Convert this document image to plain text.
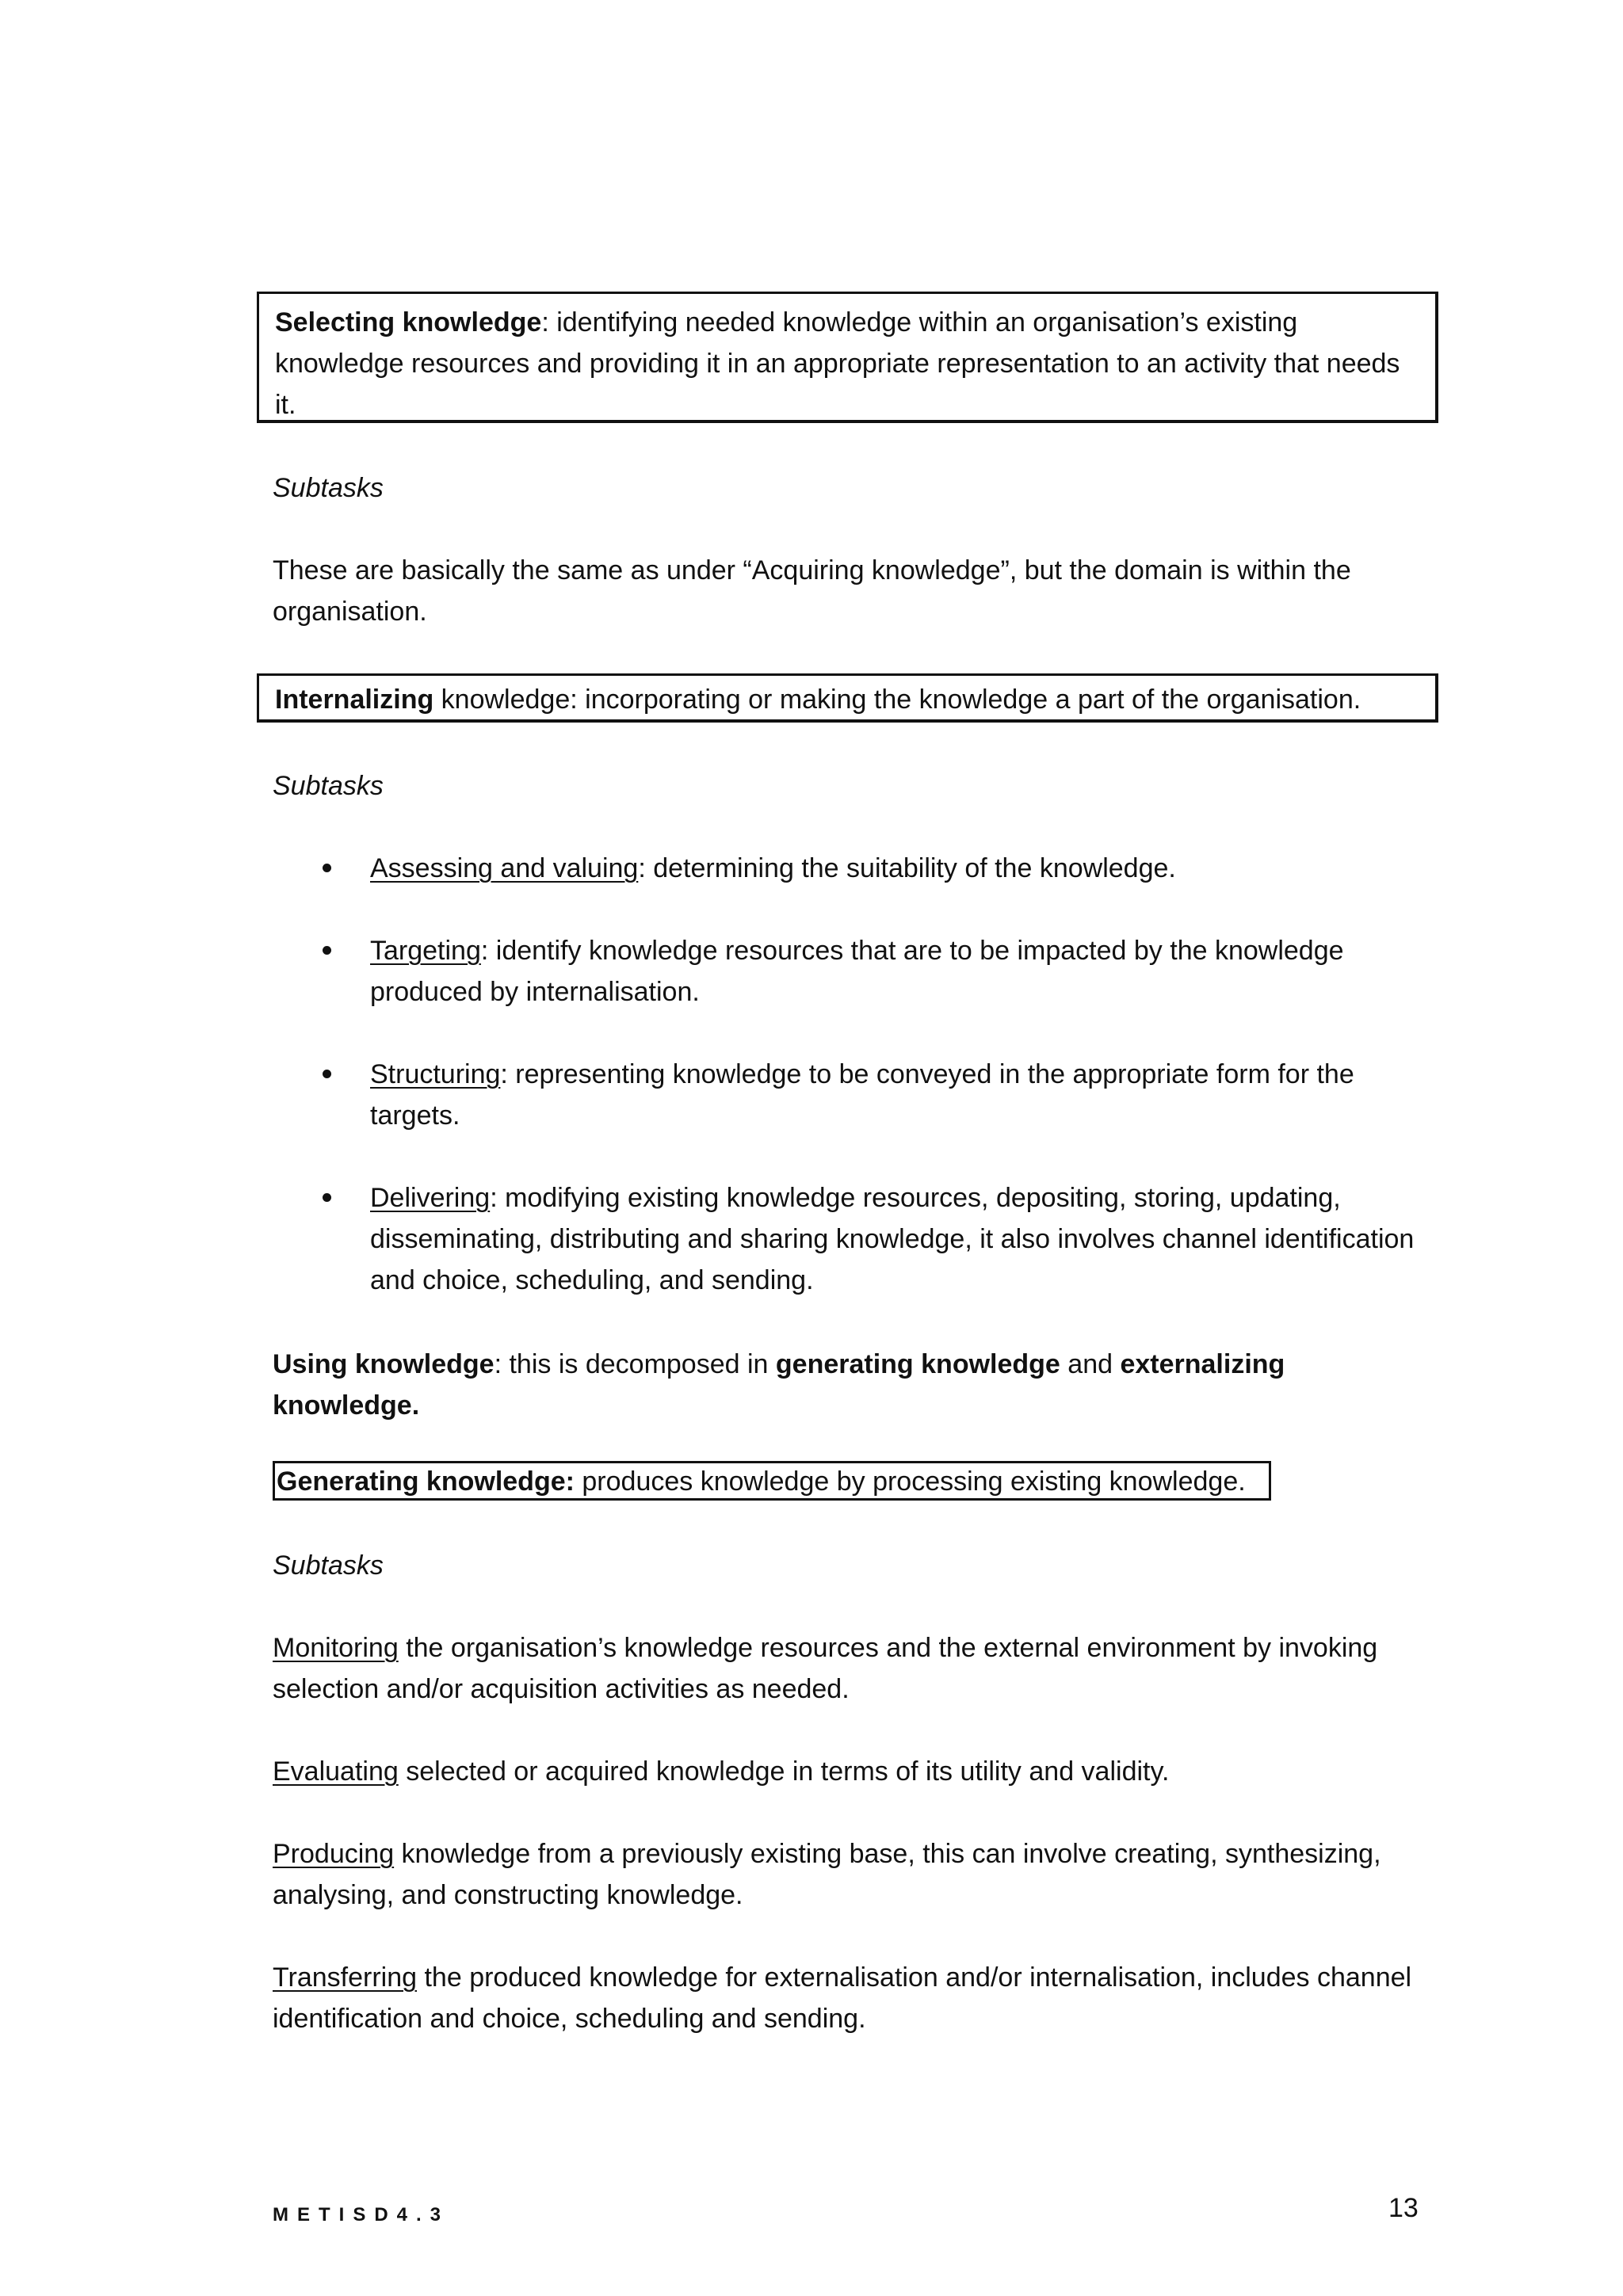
Selecting knowledge: identifying needed knowledge within an organisation’s existing knowledge resources and providing it in an appropriate representation to an activity that needs it.

Subtasks

These are basically the same as under “Acquiring knowledge”, but the domain is within the organisation.

Internalizing knowledge: incorporating or making the knowledge a part of the organisation.

Subtasks

Assessing and valuing: determining the suitability of the knowledge.

Targeting: identify knowledge resources that are to be impacted by the knowledge produced by internalisation.

Structuring: representing knowledge to be conveyed in the appropriate form for the targets.

Delivering: modifying existing knowledge resources, depositing, storing, updating, disseminating, distributing and sharing knowledge, it also involves channel identification and choice, scheduling, and sending.

Using knowledge: this is decomposed in generating knowledge and externalizing knowledge.

Generating knowledge: produces knowledge by processing existing knowledge.

Subtasks

Monitoring the organisation’s knowledge resources and the external environment by invoking selection and/or acquisition activities as needed.

Evaluating selected or acquired knowledge in terms of its utility and validity.

Producing knowledge from a previously existing base, this can involve creating, synthesizing, analysing, and constructing knowledge.

Transferring the produced knowledge for externalisation and/or internalisation, includes channel identification and choice, scheduling and sending.

METISD4.3	13
